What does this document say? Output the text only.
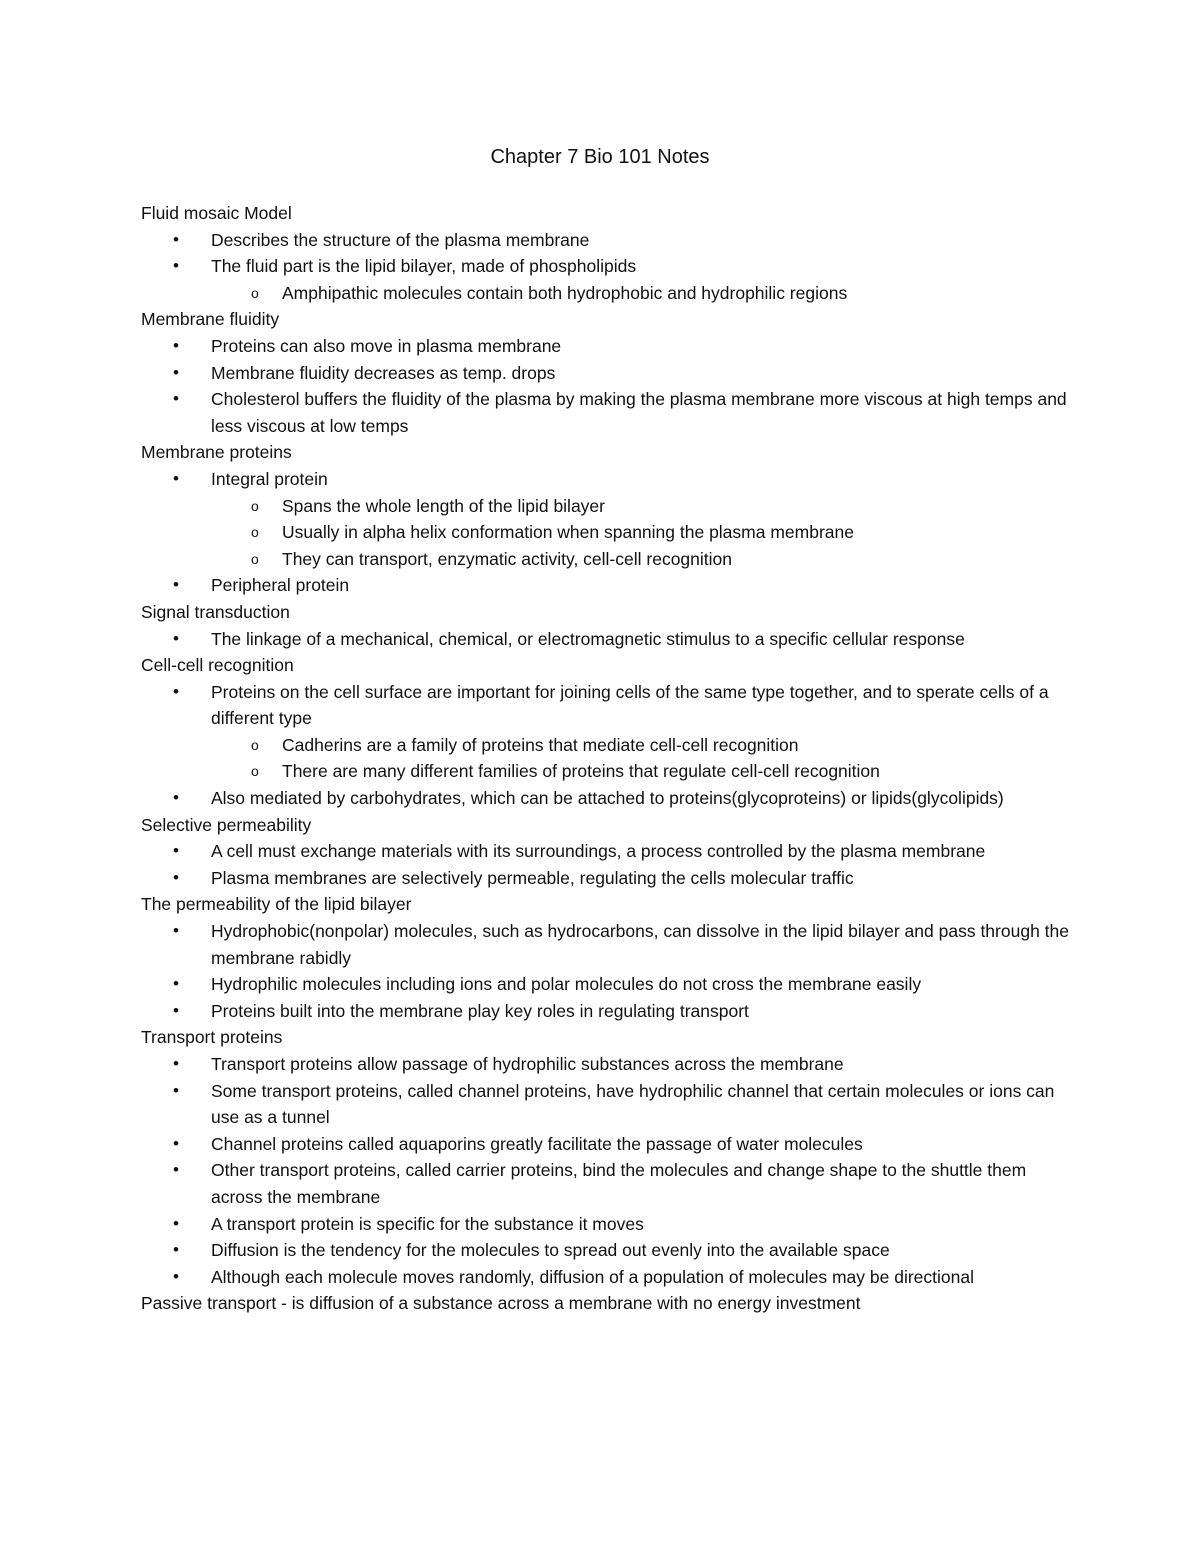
Chapter 7 Bio 101 Notes
Fluid mosaic Model
• Describes the structure of the plasma membrane
• The fluid part is the lipid bilayer, made of phospholipids
o Amphipathic molecules contain both hydrophobic and hydrophilic regions
Membrane fluidity
• Proteins can also move in plasma membrane
• Membrane fluidity decreases as temp. drops
• Cholesterol buffers the fluidity of the plasma by making the plasma membrane more viscous at high temps and less viscous at low temps
Membrane proteins
• Integral protein
o Spans the whole length of the lipid bilayer
o Usually in alpha helix conformation when spanning the plasma membrane
o They can transport, enzymatic activity, cell-cell recognition
• Peripheral protein
Signal transduction
• The linkage of a mechanical, chemical, or electromagnetic stimulus to a specific cellular response
Cell-cell recognition
• Proteins on the cell surface are important for joining cells of the same type together, and to sperate cells of a different type
o Cadherins are a family of proteins that mediate cell-cell recognition
o There are many different families of proteins that regulate cell-cell recognition
• Also mediated by carbohydrates, which can be attached to proteins(glycoproteins) or lipids(glycolipids)
Selective permeability
• A cell must exchange materials with its surroundings, a process controlled by the plasma membrane
• Plasma membranes are selectively permeable, regulating the cells molecular traffic
The permeability of the lipid bilayer
• Hydrophobic(nonpolar) molecules, such as hydrocarbons, can dissolve in the lipid bilayer and pass through the membrane rabidly
• Hydrophilic molecules including ions and polar molecules do not cross the membrane easily
• Proteins built into the membrane play key roles in regulating transport
Transport proteins
• Transport proteins allow passage of hydrophilic substances across the membrane
• Some transport proteins, called channel proteins, have hydrophilic channel that certain molecules or ions can use as a tunnel
• Channel proteins called aquaporins greatly facilitate the passage of water molecules
• Other transport proteins, called carrier proteins, bind the molecules and change shape to the shuttle them across the membrane
• A transport protein is specific for the substance it moves
• Diffusion is the tendency for the molecules to spread out evenly into the available space
• Although each molecule moves randomly, diffusion of a population of molecules may be directional
Passive transport - is diffusion of a substance across a membrane with no energy investment
